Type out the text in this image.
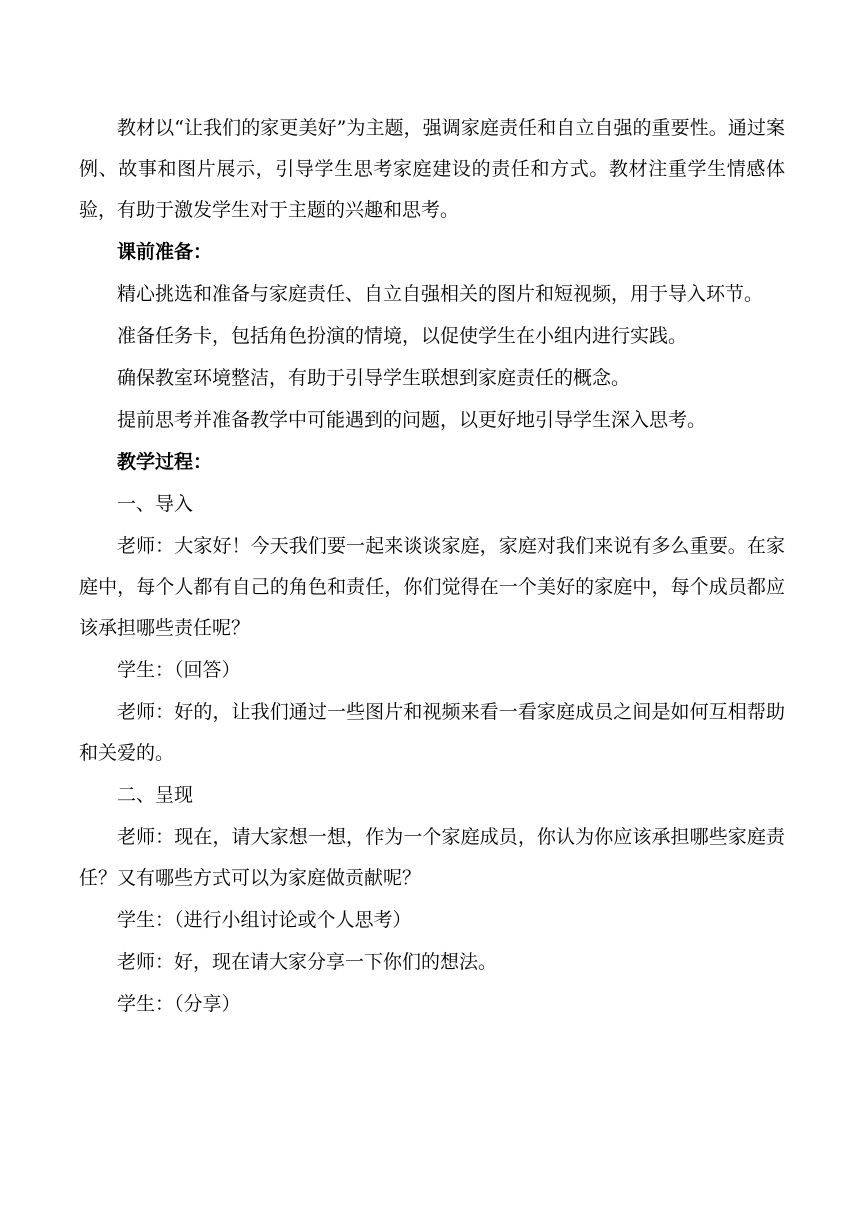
教材以“让我们的家更美好”为主题，强调家庭责任和自立自强的重要性。通过案例、故事和图片展示，引导学生思考家庭建设的责任和方式。教材注重学生情感体验，有助于激发学生对于主题的兴趣和思考。

课前准备：

精心挑选和准备与家庭责任、自立自强相关的图片和短视频，用于导入环节。

准备任务卡，包括角色扮演的情境，以促使学生在小组内进行实践。

确保教室环境整洁，有助于引导学生联想到家庭责任的概念。

提前思考并准备教学中可能遇到的问题，以更好地引导学生深入思考。

教学过程：

一、导入

老师：大家好！今天我们要一起来谈谈家庭，家庭对我们来说有多么重要。在家庭中，每个人都有自己的角色和责任，你们觉得在一个美好的家庭中，每个成员都应该承担哪些责任呢？

学生：（回答）

老师：好的，让我们通过一些图片和视频来看一看家庭成员之间是如何互相帮助和关爱的。

二、呈现

老师：现在，请大家想一想，作为一个家庭成员，你认为你应该承担哪些家庭责任？又有哪些方式可以为家庭做贡献呢？

学生：（进行小组讨论或个人思考）

老师：好，现在请大家分享一下你们的想法。

学生：（分享）
